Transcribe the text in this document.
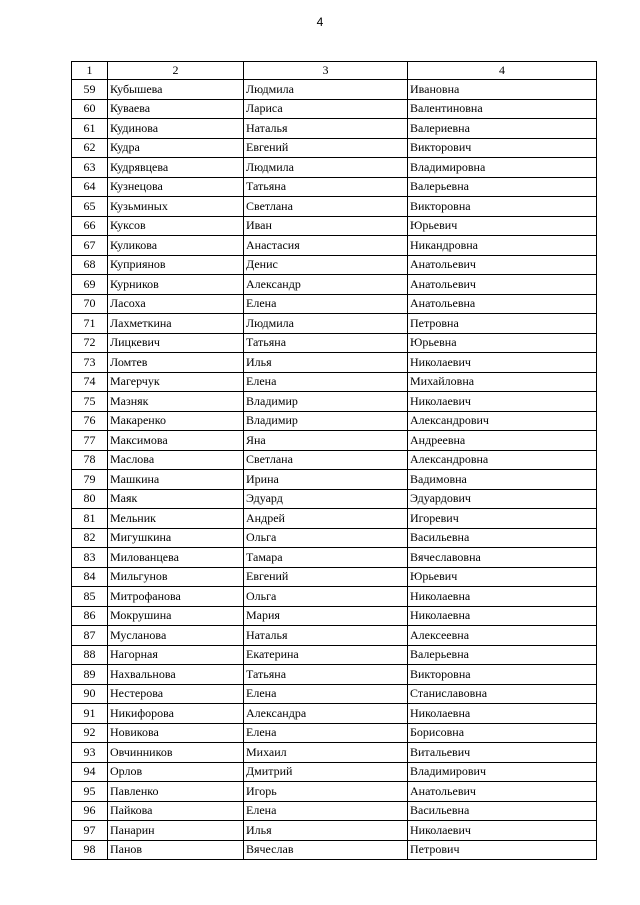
4
1	2	3	4
59	Кубышева	Людмила	Ивановна
60	Куваева	Лариса	Валентиновна
61	Кудинова	Наталья	Валериевна
62	Кудра	Евгений	Викторович
63	Кудрявцева	Людмила	Владимировна
64	Кузнецова	Татьяна	Валерьевна
65	Кузьминых	Светлана	Викторовна
66	Куксов	Иван	Юрьевич
67	Куликова	Анастасия	Никандровна
68	Куприянов	Денис	Анатольевич
69	Курников	Александр	Анатольевич
70	Ласоха	Елена	Анатольевна
71	Лахметкина	Людмила	Петровна
72	Лицкевич	Татьяна	Юрьевна
73	Ломтев	Илья	Николаевич
74	Магерчук	Елена	Михайловна
75	Мазняк	Владимир	Николаевич
76	Макаренко	Владимир	Александрович
77	Максимова	Яна	Андреевна
78	Маслова	Светлана	Александровна
79	Машкина	Ирина	Вадимовна
80	Маяк	Эдуард	Эдуардович
81	Мельник	Андрей	Игоревич
82	Мигушкина	Ольга	Васильевна
83	Милованцева	Тамара	Вячеславовна
84	Мильгунов	Евгений	Юрьевич
85	Митрофанова	Ольга	Николаевна
86	Мокрушина	Мария	Николаевна
87	Мусланова	Наталья	Алексеевна
88	Нагорная	Екатерина	Валерьевна
89	Нахвальнова	Татьяна	Викторовна
90	Нестерова	Елена	Станиславовна
91	Никифорова	Александра	Николаевна
92	Новикова	Елена	Борисовна
93	Овчинников	Михаил	Витальевич
94	Орлов	Дмитрий	Владимирович
95	Павленко	Игорь	Анатольевич
96	Пайкова	Елена	Васильевна
97	Панарин	Илья	Николаевич
98	Панов	Вячеслав	Петрович
